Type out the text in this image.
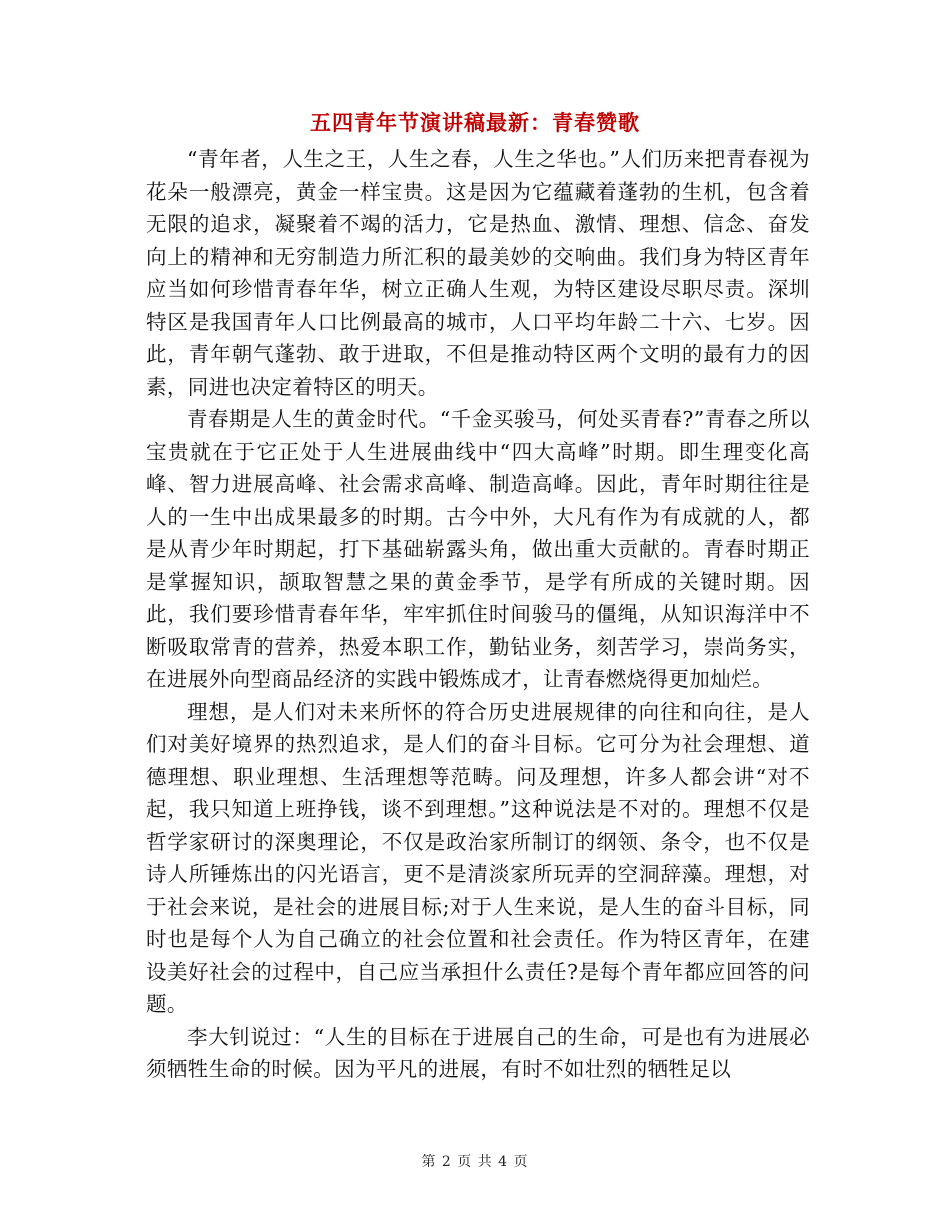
五四青年节演讲稿最新：青春赞歌

“青年者，人生之王，人生之春，人生之华也。”人们历来把青春视为花朵一般漂亮，黄金一样宝贵。这是因为它蕴藏着蓬勃的生机，包含着无限的追求，凝聚着不竭的活力，它是热血、激情、理想、信念、奋发向上的精神和无穷制造力所汇积的最美妙的交响曲。我们身为特区青年应当如何珍惜青春年华，树立正确人生观，为特区建设尽职尽责。深圳特区是我国青年人口比例最高的城市，人口平均年龄二十六、七岁。因此，青年朝气蓬勃、敢于进取，不但是推动特区两个文明的最有力的因素，同进也决定着特区的明天。

青春期是人生的黄金时代。“千金买骏马，何处买青春?”青春之所以宝贵就在于它正处于人生进展曲线中“四大高峰”时期。即生理变化高峰、智力进展高峰、社会需求高峰、制造高峰。因此，青年时期往往是人的一生中出成果最多的时期。古今中外，大凡有作为有成就的人，都是从青少年时期起，打下基础崭露头角，做出重大贡献的。青春时期正是掌握知识，颉取智慧之果的黄金季节，是学有所成的关键时期。因此，我们要珍惜青春年华，牢牢抓住时间骏马的僵绳，从知识海洋中不断吸取常青的营养，热爱本职工作，勤钻业务，刻苦学习，崇尚务实，在进展外向型商品经济的实践中锻炼成才，让青春燃烧得更加灿烂。

理想，是人们对未来所怀的符合历史进展规律的向往和向往，是人们对美好境界的热烈追求，是人们的奋斗目标。它可分为社会理想、道德理想、职业理想、生活理想等范畴。问及理想，许多人都会讲“对不起，我只知道上班挣钱，谈不到理想。”这种说法是不对的。理想不仅是哲学家研讨的深奥理论，不仅是政治家所制订的纲领、条令，也不仅是诗人所锤炼出的闪光语言，更不是清淡家所玩弄的空洞辞藻。理想，对于社会来说，是社会的进展目标;对于人生来说，是人生的奋斗目标，同时也是每个人为自己确立的社会位置和社会责任。作为特区青年，在建设美好社会的过程中，自己应当承担什么责任?是每个青年都应回答的问题。

李大钊说过：“人生的目标在于进展自己的生命，可是也有为进展必须牺牲生命的时候。因为平凡的进展，有时不如壮烈的牺牲足以

第 2 页 共 4 页
